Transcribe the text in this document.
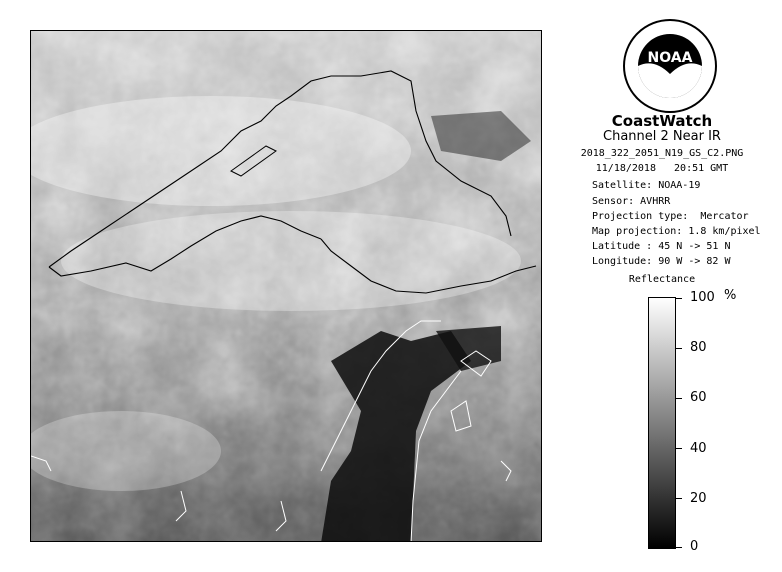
NOAA
CoastWatch
Channel 2 Near IR
2018_322_2051_N19_GS_C2.PNG
11/18/2018   20:51 GMT
Satellite: NOAA-19
Sensor: AVHRR
Projection type:  Mercator
Map projection: 1.8 km/pixel
Latitude : 45 N -> 51 N
Longitude: 90 W -> 82 W
Reflectance
100 %
80
60
40
20
0
